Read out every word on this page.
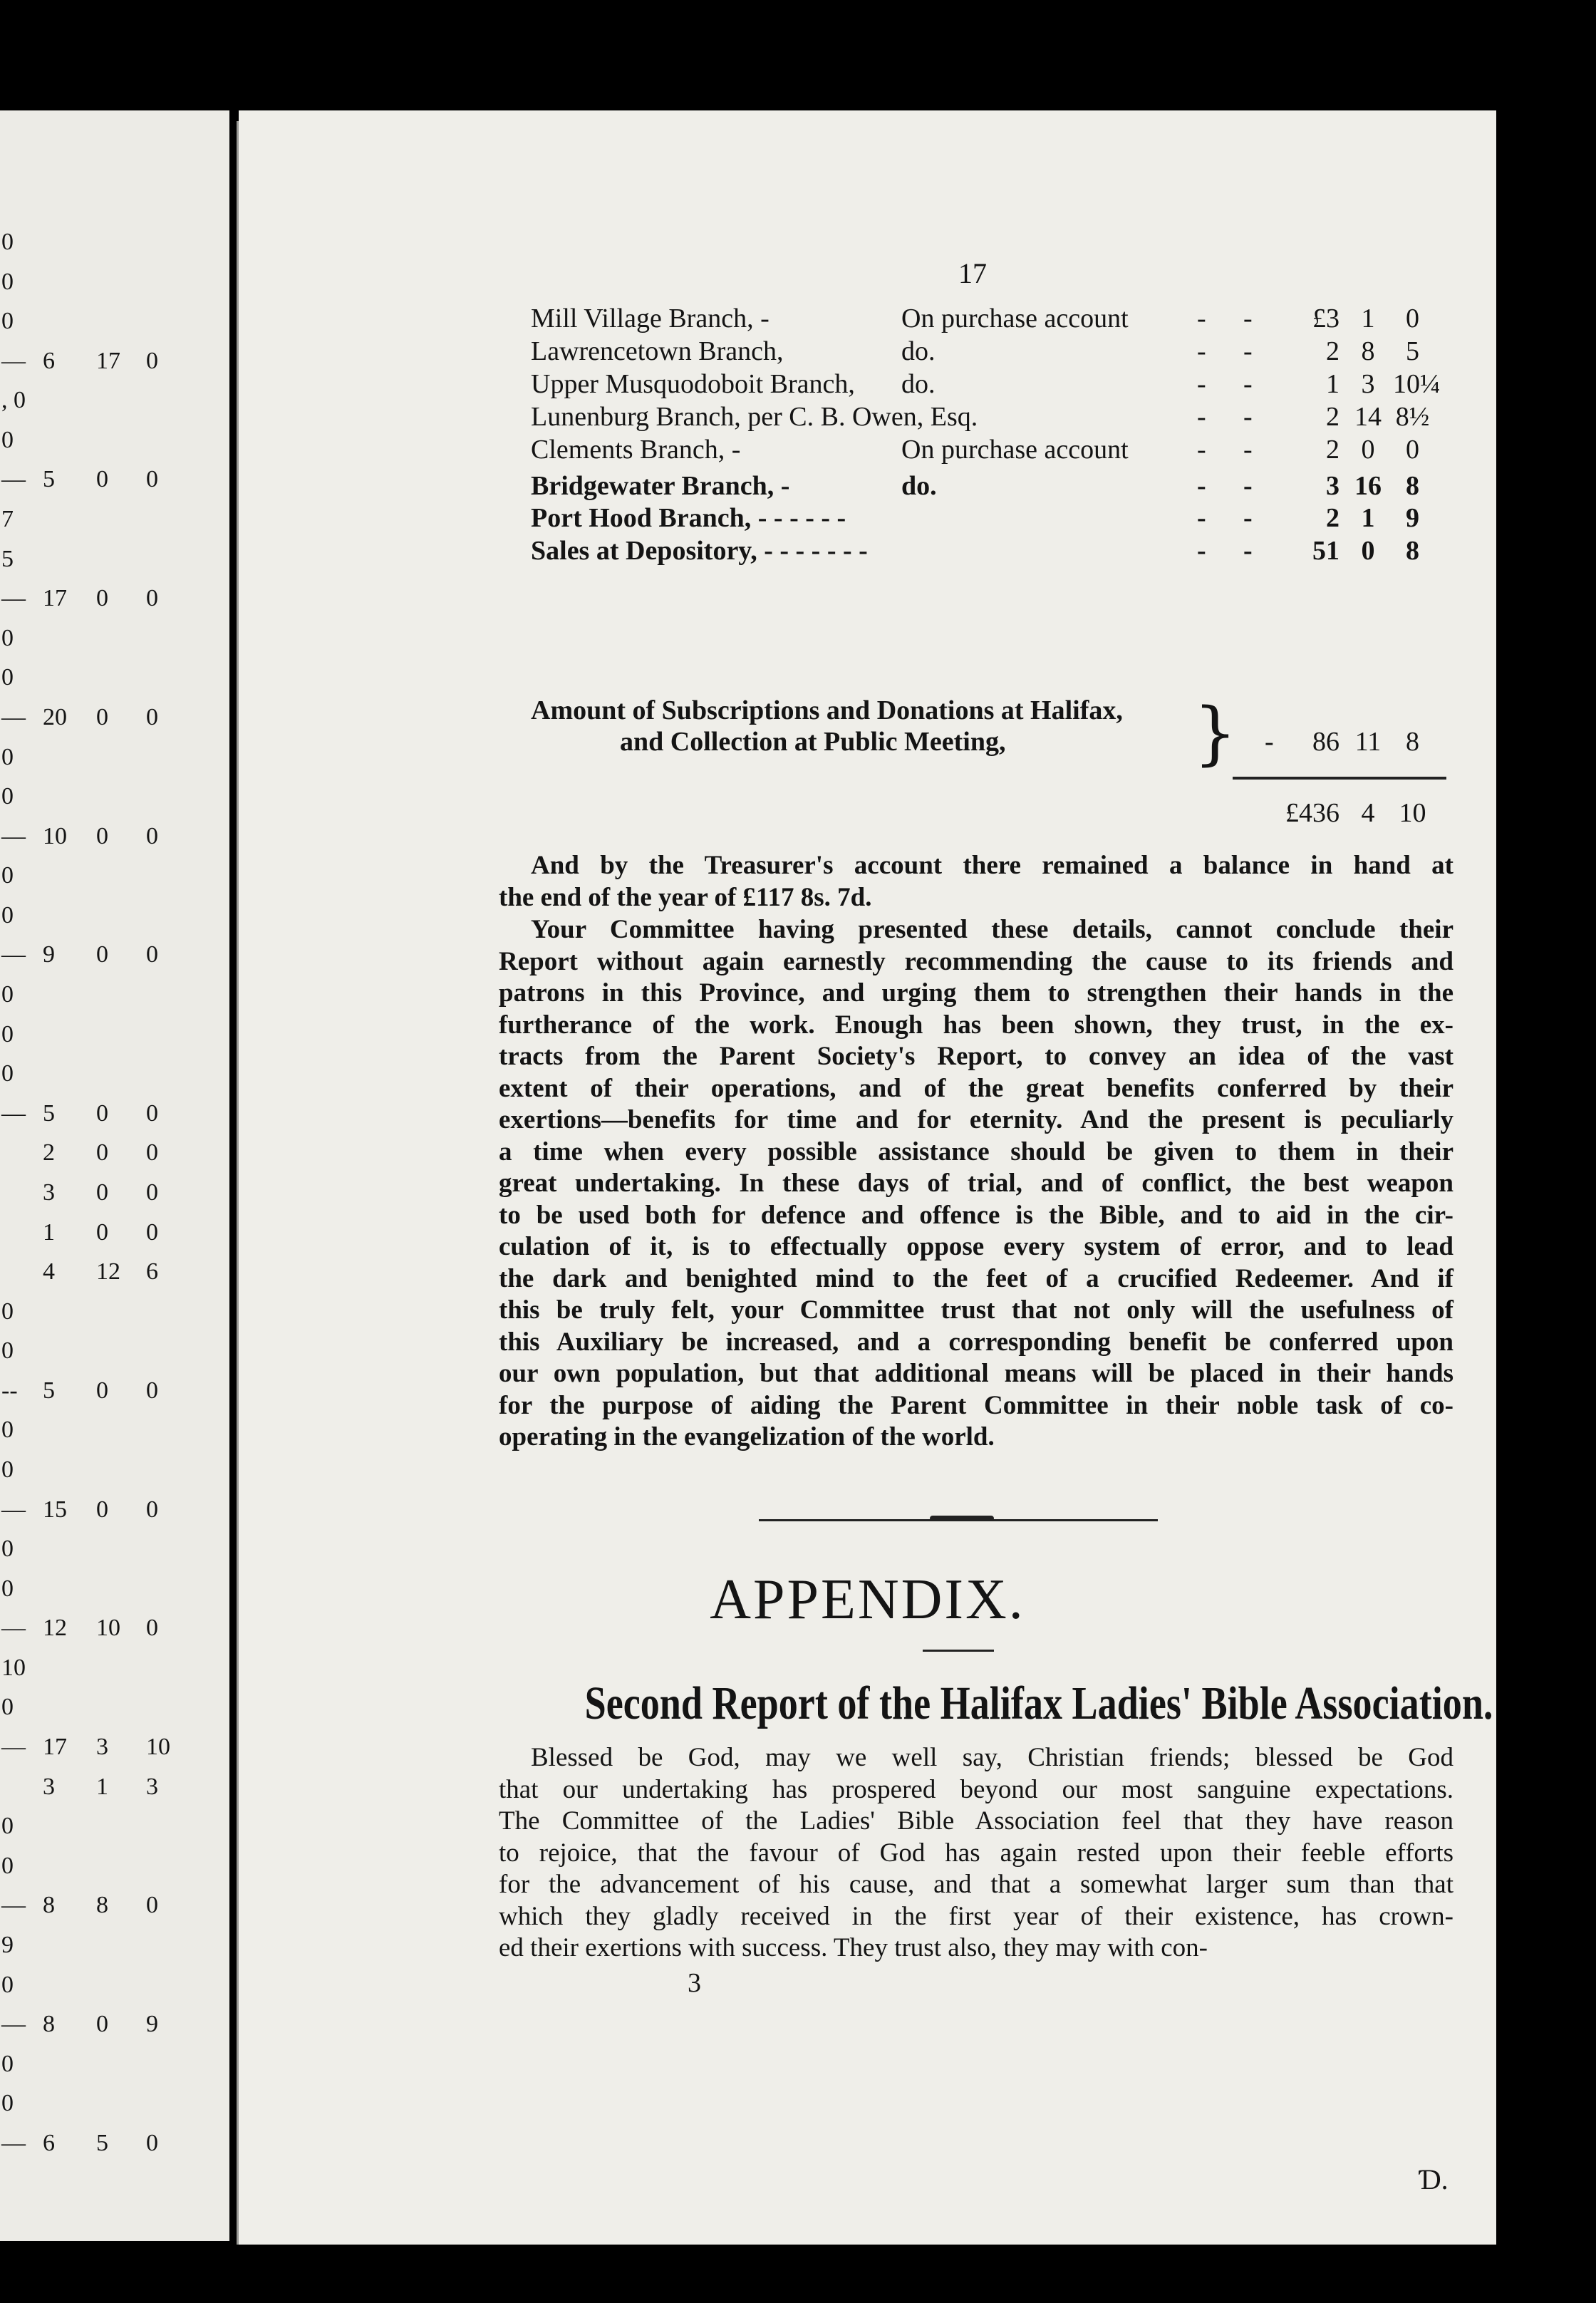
0
0
0
— 6 17 0
, 0
0
— 5 0 0
7
5
— 17 0 0
0
0
— 20 0 0
0
0
— 10 0 0
0
0
— 9 0 0
0
0
0
— 5 0 0
2 0 0
3 0 0
1 0 0
4 12 6
0
0
-- 5 0 0
0
0
— 15 0 0
0
0
— 12 10 0
10
0
— 17 3 10
3 1 3
0
0
— 8 8 0
9
0
— 8 0 9
0
0
— 6 5 0
17
Mill Village Branch, -	On purchase account	- -	£3 1	0
Lawrencetown Branch,	do.	- -	2 8	5
Upper Musquodoboit Branch, do.	- -	1 3 10¼
Lunenburg Branch, per C. B. Owen, Esq.	- -	2 14 8½
Clements Branch, -	On purchase account	- -	2 0	0
Bridgewater Branch, -	do.	- -	3 16 8
Port Hood Branch, - - - - - -	- -	2 1	9
Sales at Depository, - - - - - - -	- -	51 0	8
Amount of Subscriptions and Donations at Halifax,
and Collection at Public Meeting,	-	86 11 8
}
£436 4 10
And by the Treasurer's account there remained a balance in hand at
the end of the year of £117 8s. 7d.
Your Committee having presented these details, cannot conclude their
Report without again earnestly recommending the cause to its friends and
patrons in this Province, and urging them to strengthen their hands in the
furtherance of the work. Enough has been shown, they trust, in the ex-
tracts from the Parent Society's Report, to convey an idea of the vast
extent of their operations, and of the great benefits conferred by their
exertions—benefits for time and for eternity. And the present is peculiarly
a time when every possible assistance should be given to them in their
great undertaking. In these days of trial, and of conflict, the best weapon
to be used both for defence and offence is the Bible, and to aid in the cir-
culation of it, is to effectually oppose every system of error, and to lead
the dark and benighted mind to the feet of a crucified Redeemer. And if
this be truly felt, your Committee trust that not only will the usefulness of
this Auxiliary be increased, and a corresponding benefit be conferred upon
our own population, but that additional means will be placed in their hands
for the purpose of aiding the Parent Committee in their noble task of co-
operating in the evangelization of the world.
APPENDIX.
Second Report of the Halifax Ladies' Bible Association.
Blessed be God, may we well say, Christian friends; blessed be God
that our undertaking has prospered beyond our most sanguine expectations.
The Committee of the Ladies' Bible Association feel that they have reason
to rejoice, that the favour of God has again rested upon their feeble efforts
for the advancement of his cause, and that a somewhat larger sum than that
which they gladly received in the first year of their existence, has crown-
ed their exertions with success. They trust also, they may with con-
3
Ɗ.
